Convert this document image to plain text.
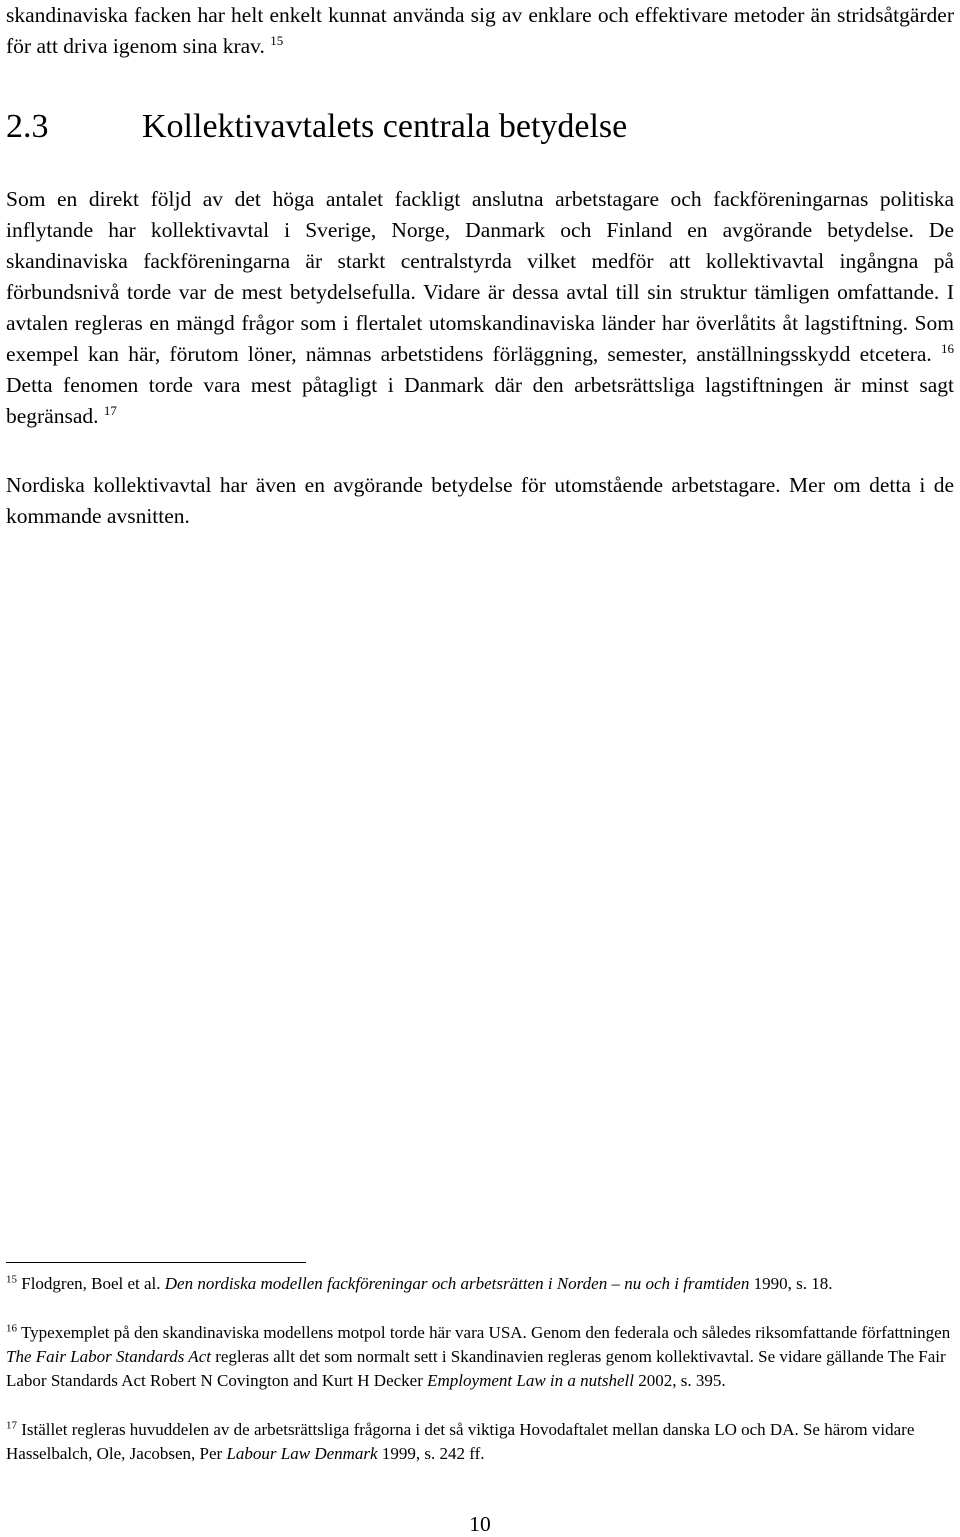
skandinaviska facken har helt enkelt kunnat använda sig av enklare och effektivare metoder än stridsåtgärder för att driva igenom sina krav. $^{15}$
2.3	Kollektivavtalets centrala betydelse
Som en direkt följd av det höga antalet fackligt anslutna arbetstagare och fackföreningarnas politiska inflytande har kollektivavtal i Sverige, Norge, Danmark och Finland en avgörande betydelse. De skandinaviska fackföreningarna är starkt centralstyrda vilket medför att kollektivavtal ingångna på förbundsnivå torde var de mest betydelsefulla. Vidare är dessa avtal till sin struktur tämligen omfattande. I avtalen regleras en mängd frågor som i flertalet utomskandinaviska länder har överlåtits åt lagstiftning. Som exempel kan här, förutom löner, nämnas arbetstidens förläggning, semester, anställningsskydd etcetera. $^{16}$ Detta fenomen torde vara mest påtagligt i Danmark där den arbetsrättsliga lagstiftningen är minst sagt begränsad. $^{17}$
Nordiska kollektivavtal har även en avgörande betydelse för utomstående arbetstagare. Mer om detta i de kommande avsnitten.
$^{15}$ Flodgren, Boel et al. Den nordiska modellen fackföreningar och arbetsrätten i Norden – nu och i framtiden 1990, s. 18.
$^{16}$ Typexemplet på den skandinaviska modellens motpol torde här vara USA. Genom den federala och således riksomfattande författningen The Fair Labor Standards Act regleras allt det som normalt sett i Skandinavien regleras genom kollektivavtal. Se vidare gällande The Fair Labor Standards Act Robert N Covington and Kurt H Decker Employment Law in a nutshell 2002, s. 395.
$^{17}$ Istället regleras huvuddelen av de arbetsrättsliga frågorna i det så viktiga Hovodaftalet mellan danska LO och DA. Se härom vidare Hasselbalch, Ole, Jacobsen, Per Labour Law Denmark 1999, s. 242 ff.
10
